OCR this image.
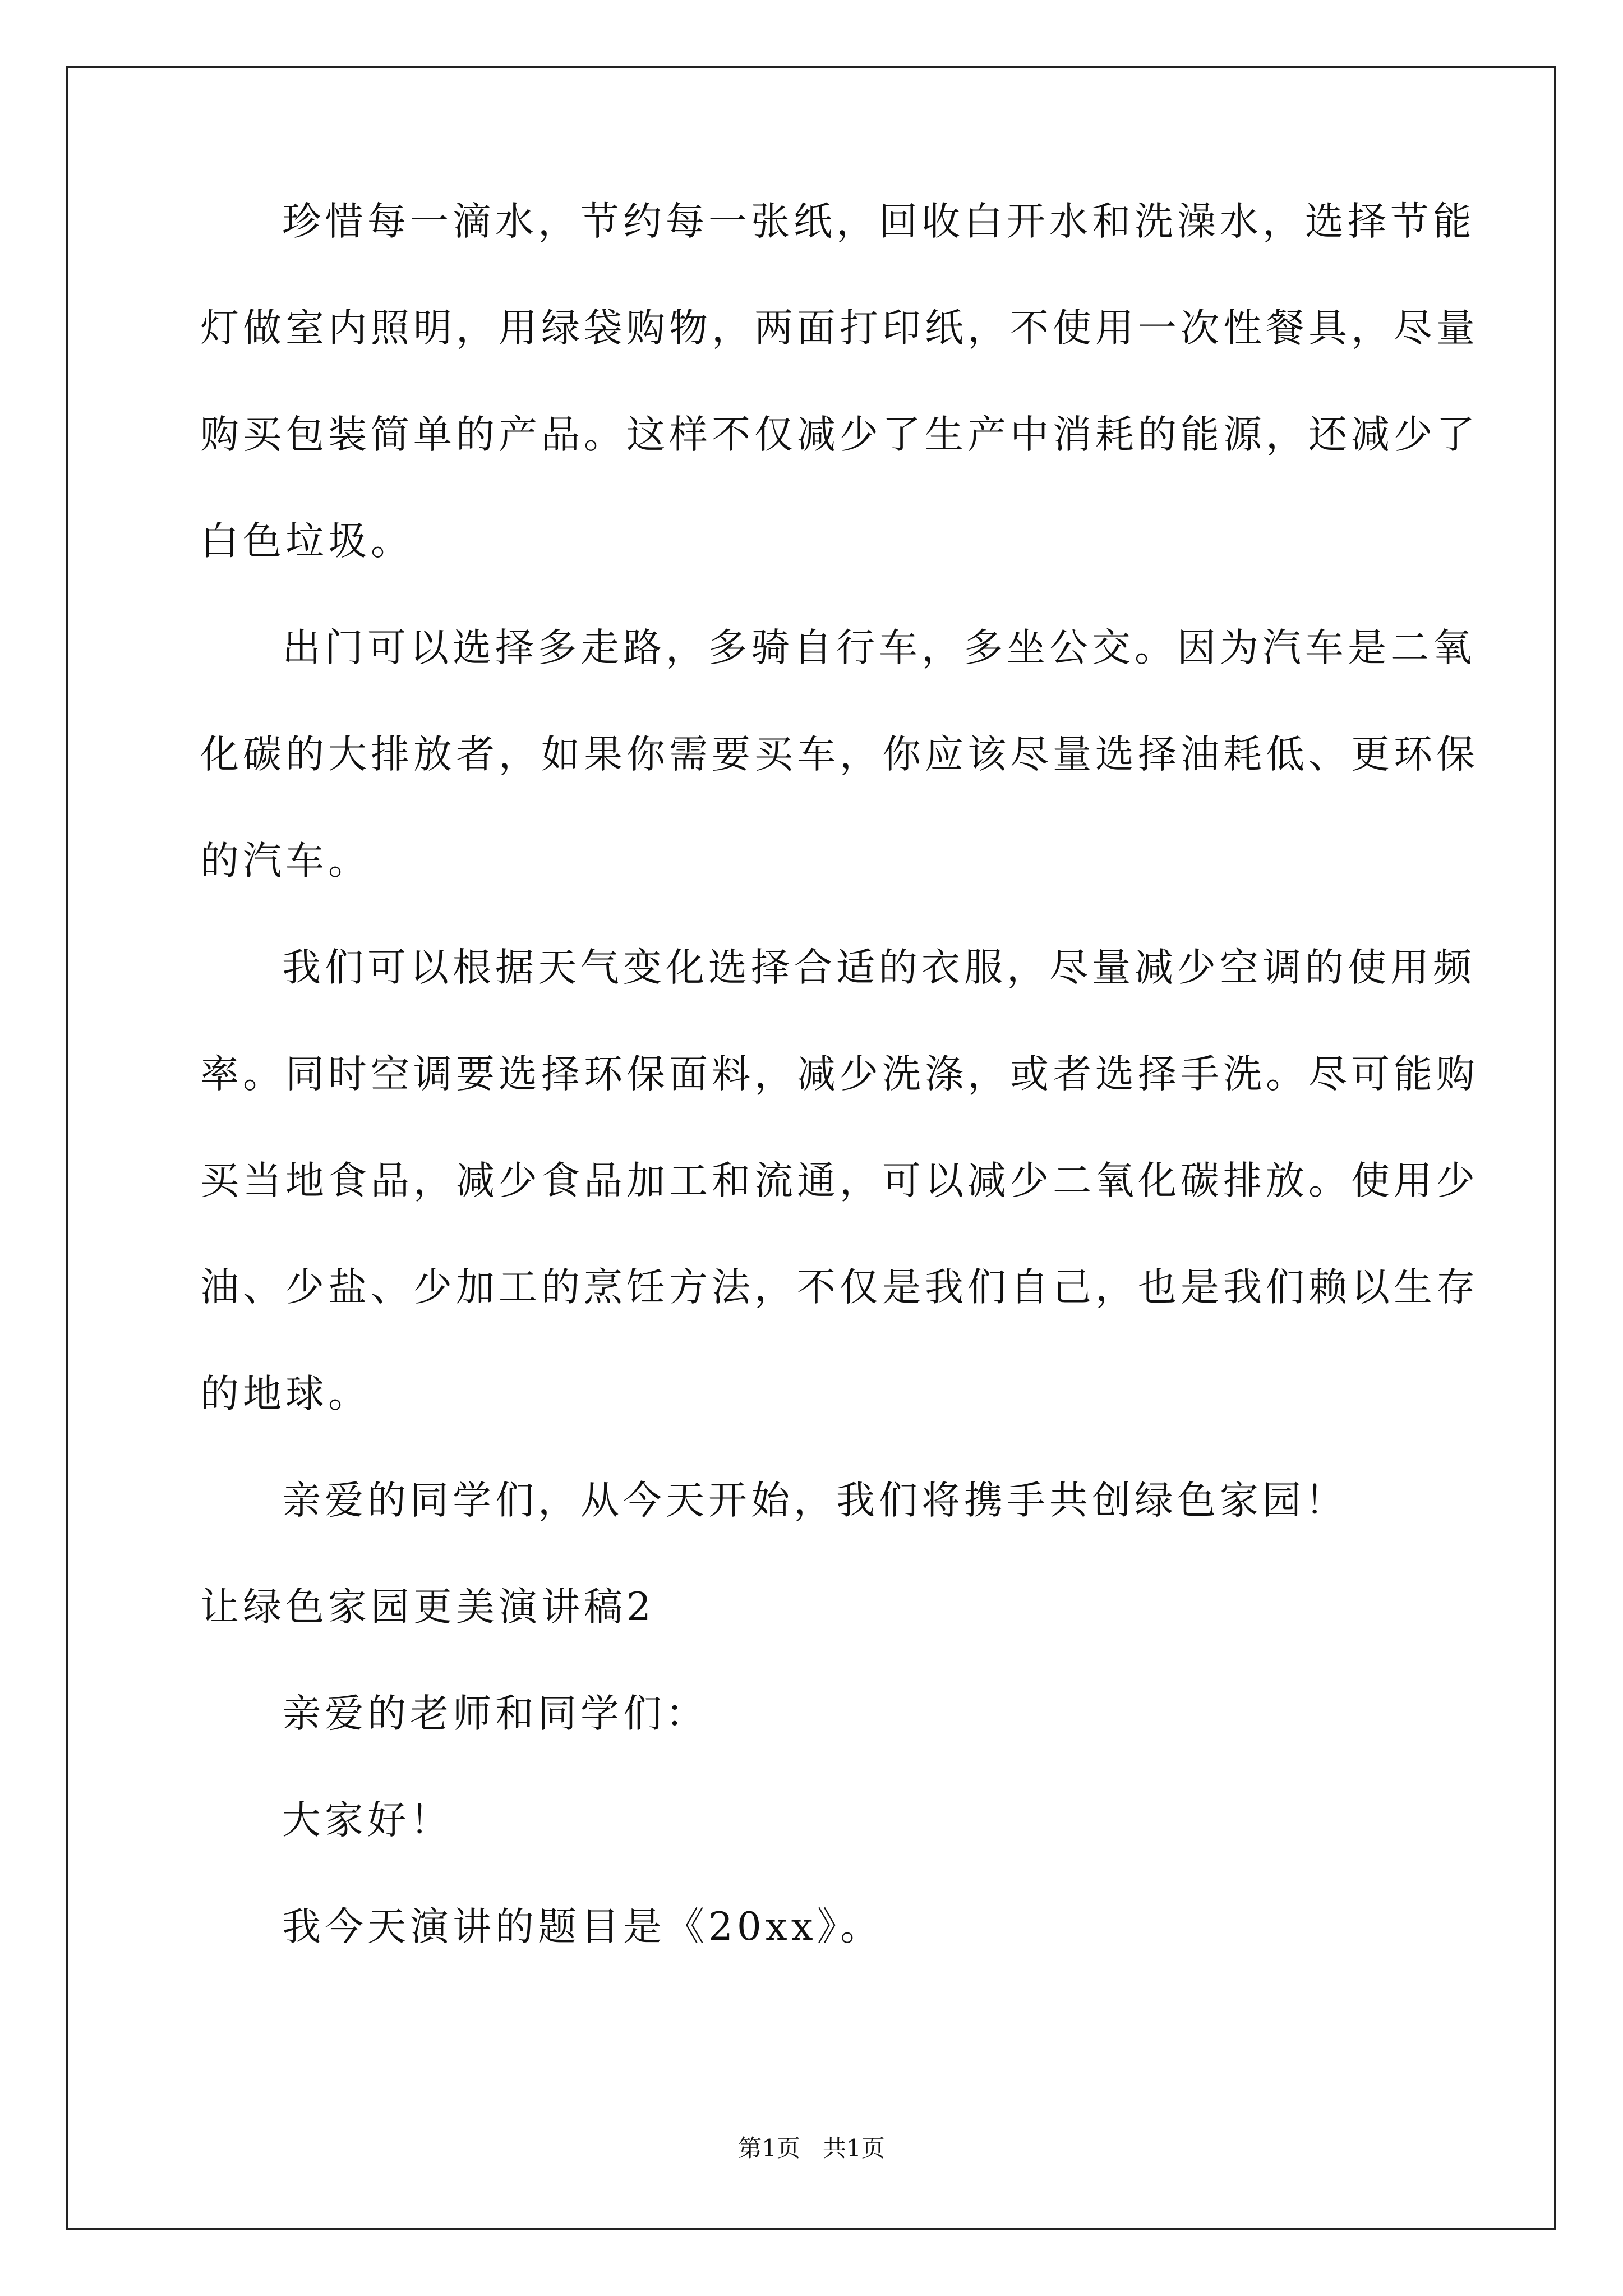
珍惜每一滴水，节约每一张纸，回收白开水和洗澡水，选择节能
灯做室内照明，用绿袋购物，两面打印纸，不使用一次性餐具，尽量
购买包装简单的产品。这样不仅减少了生产中消耗的能源，还减少了
白色垃圾。
出门可以选择多走路，多骑自行车，多坐公交。因为汽车是二氧
化碳的大排放者，如果你需要买车，你应该尽量选择油耗低、更环保
的汽车。
我们可以根据天气变化选择合适的衣服，尽量减少空调的使用频
率。同时空调要选择环保面料，减少洗涤，或者选择手洗。尽可能购
买当地食品，减少食品加工和流通，可以减少二氧化碳排放。使用少
油、少盐、少加工的烹饪方法，不仅是我们自己，也是我们赖以生存
的地球。
亲爱的同学们，从今天开始，我们将携手共创绿色家园！
让绿色家园更美演讲稿2
亲爱的老师和同学们：
大家好！
我今天演讲的题目是《20xx》。
第1页 共1页
